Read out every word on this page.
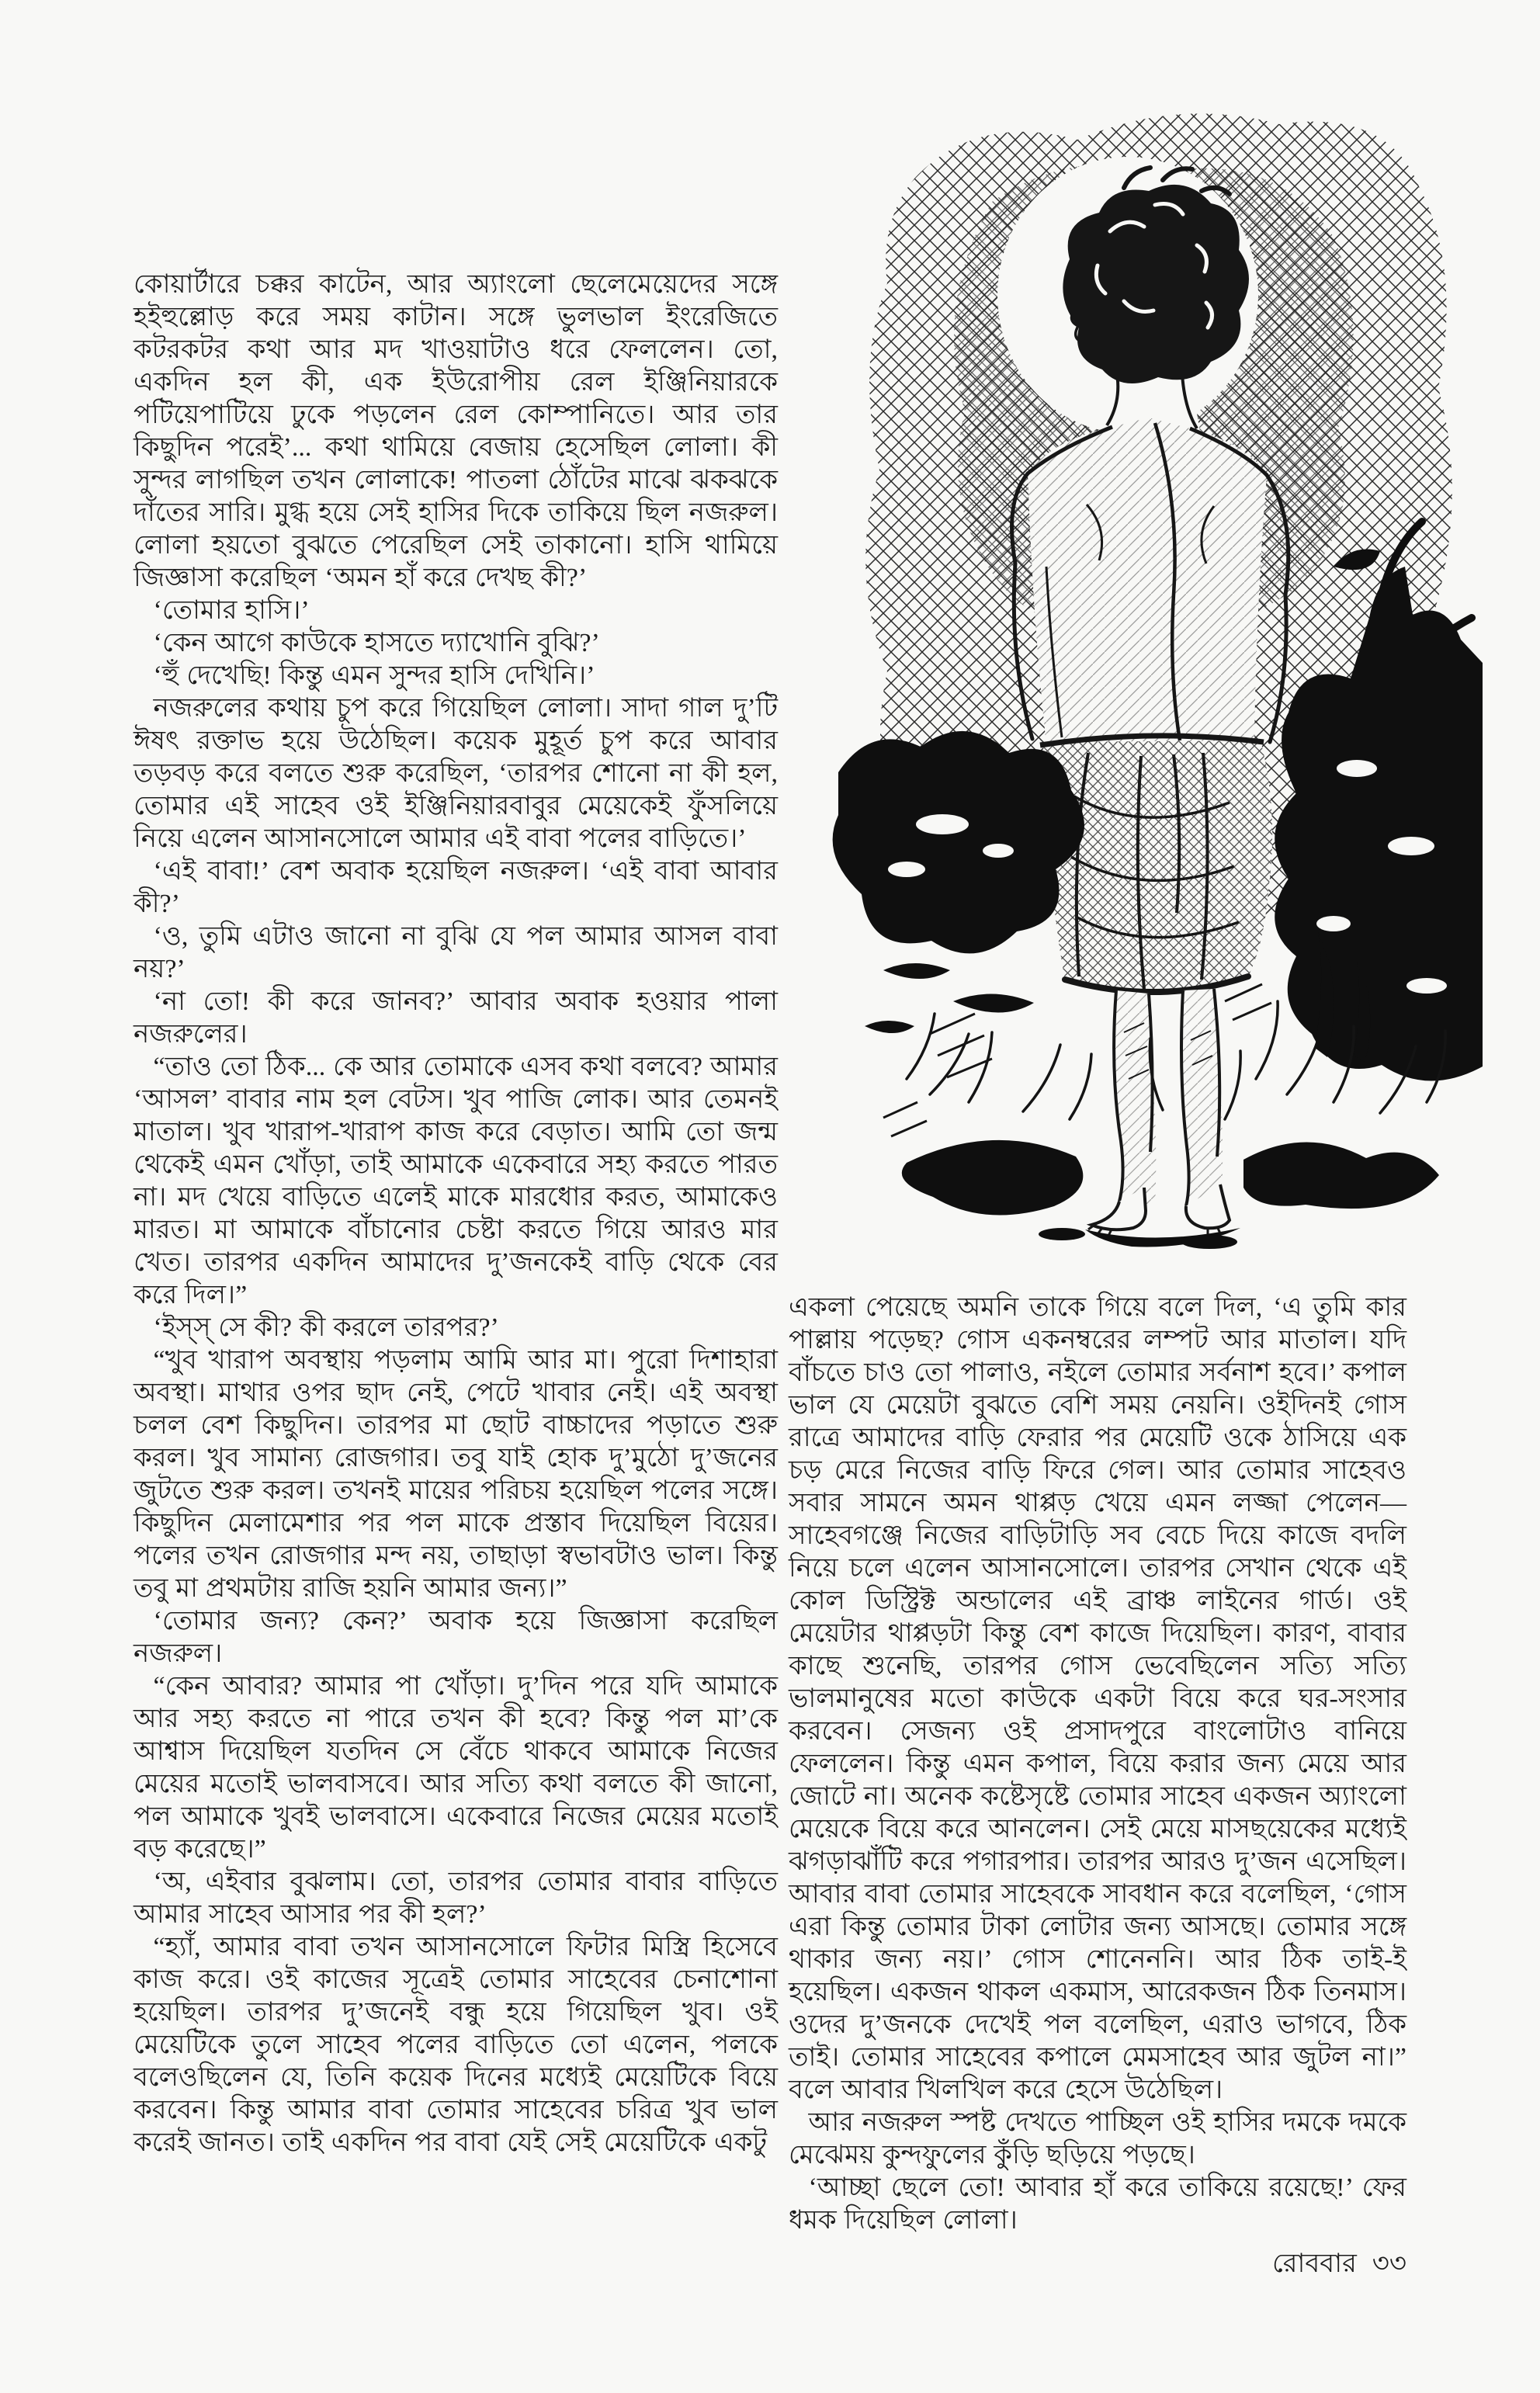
কোয়ার্টারে চক্কর কাটেন, আর অ্যাংলো ছেলেমেয়েদের সঙ্গে হইহুল্লোড় করে সময় কাটান। সঙ্গে ভুলভাল ইংরেজিতে কটরকটর কথা আর মদ খাওয়াটাও ধরে ফেললেন। তো, একদিন হল কী, এক ইউরোপীয় রেল ইঞ্জিনিয়ারকে পটিয়েপাটিয়ে ঢুকে পড়লেন রেল কোম্পানিতে। আর তার কিছুদিন পরেই’... কথা থামিয়ে বেজায় হেসেছিল লোলা। কী সুন্দর লাগছিল তখন লোলাকে! পাতলা ঠোঁটের মাঝে ঝকঝকে দাঁতের সারি। মুগ্ধ হয়ে সেই হাসির দিকে তাকিয়ে ছিল নজরুল। লোলা হয়তো বুঝতে পেরেছিল সেই তাকানো। হাসি থামিয়ে জিজ্ঞাসা করেছিল ‘অমন হাঁ করে দেখছ কী?’

‘তোমার হাসি।’

‘কেন আগে কাউকে হাসতে দ্যাখোনি বুঝি?’

‘হুঁ দেখেছি! কিন্তু এমন সুন্দর হাসি দেখিনি।’

নজরুলের কথায় চুপ করে গিয়েছিল লোলা। সাদা গাল দু’টি ঈষৎ রক্তাভ হয়ে উঠেছিল। কয়েক মুহূর্ত চুপ করে আবার তড়বড় করে বলতে শুরু করেছিল, ‘তারপর শোনো না কী হল, তোমার এই সাহেব ওই ইঞ্জিনিয়ারবাবুর মেয়েকেই ফুঁসলিয়ে নিয়ে এলেন আসানসোলে আমার এই বাবা পলের বাড়িতে।’

‘এই বাবা!’ বেশ অবাক হয়েছিল নজরুল। ‘এই বাবা আবার কী?’

‘ও, তুমি এটাও জানো না বুঝি যে পল আমার আসল বাবা নয়?’

‘না তো! কী করে জানব?’ আবার অবাক হওয়ার পালা নজরুলের।

“তাও তো ঠিক... কে আর তোমাকে এসব কথা বলবে? আমার ‘আসল’ বাবার নাম হল বেটস। খুব পাজি লোক। আর তেমনই মাতাল। খুব খারাপ-খারাপ কাজ করে বেড়াত। আমি তো জন্ম থেকেই এমন খোঁড়া, তাই আমাকে একেবারে সহ্য করতে পারত না। মদ খেয়ে বাড়িতে এলেই মাকে মারধোর করত, আমাকেও মারত। মা আমাকে বাঁচানোর চেষ্টা করতে গিয়ে আরও মার খেত। তারপর একদিন আমাদের দু’জনকেই বাড়ি থেকে বের করে দিল।”

‘ইস্স্ সে কী? কী করলে তারপর?’

“খুব খারাপ অবস্থায় পড়লাম আমি আর মা। পুরো দিশাহারা অবস্থা। মাথার ওপর ছাদ নেই, পেটে খাবার নেই। এই অবস্থা চলল বেশ কিছুদিন। তারপর মা ছোট বাচ্চাদের পড়াতে শুরু করল। খুব সামান্য রোজগার। তবু যাই হোক দু’মুঠো দু’জনের জুটতে শুরু করল। তখনই মায়ের পরিচয় হয়েছিল পলের সঙ্গে। কিছুদিন মেলামেশার পর পল মাকে প্রস্তাব দিয়েছিল বিয়ের। পলের তখন রোজগার মন্দ নয়, তাছাড়া স্বভাবটাও ভাল। কিন্তু তবু মা প্রথমটায় রাজি হয়নি আমার জন্য।”

‘তোমার জন্য? কেন?’ অবাক হয়ে জিজ্ঞাসা করেছিল নজরুল।

“কেন আবার? আমার পা খোঁড়া। দু’দিন পরে যদি আমাকে আর সহ্য করতে না পারে তখন কী হবে? কিন্তু পল মা’কে আশ্বাস দিয়েছিল যতদিন সে বেঁচে থাকবে আমাকে নিজের মেয়ের মতোই ভালবাসবে। আর সত্যি কথা বলতে কী জানো, পল আমাকে খুবই ভালবাসে। একেবারে নিজের মেয়ের মতোই বড় করেছে।”

‘অ, এইবার বুঝলাম। তো, তারপর তোমার বাবার বাড়িতে আমার সাহেব আসার পর কী হল?’

“হ্যাঁ, আমার বাবা তখন আসানসোলে ফিটার মিস্ত্রি হিসেবে কাজ করে। ওই কাজের সূত্রেই তোমার সাহেবের চেনাশোনা হয়েছিল। তারপর দু’জনেই বন্ধু হয়ে গিয়েছিল খুব। ওই মেয়েটিকে তুলে সাহেব পলের বাড়িতে তো এলেন, পলকে বলেওছিলেন যে, তিনি কয়েক দিনের মধ্যেই মেয়েটিকে বিয়ে করবেন। কিন্তু আমার বাবা তোমার সাহেবের চরিত্র খুব ভাল করেই জানত। তাই একদিন পর বাবা যেই সেই মেয়েটিকে একটু

একলা পেয়েছে অমনি তাকে গিয়ে বলে দিল, ‘এ তুমি কার পাল্লায় পড়েছ? গোস একনম্বরের লম্পট আর মাতাল। যদি বাঁচতে চাও তো পালাও, নইলে তোমার সর্বনাশ হবে।’ কপাল ভাল যে মেয়েটা বুঝতে বেশি সময় নেয়নি। ওইদিনই গোস রাত্রে আমাদের বাড়ি ফেরার পর মেয়েটি ওকে ঠাসিয়ে এক চড় মেরে নিজের বাড়ি ফিরে গেল। আর তোমার সাহেবও সবার সামনে অমন থাপ্পড় খেয়ে এমন লজ্জা পেলেন—সাহেবগঞ্জে নিজের বাড়িটাড়ি সব বেচে দিয়ে কাজে বদলি নিয়ে চলে এলেন আসানসোলে। তারপর সেখান থেকে এই কোল ডিস্ট্রিক্ট অন্ডালের এই ব্রাঞ্চ লাইনের গার্ড। ওই মেয়েটার থাপ্পড়টা কিন্তু বেশ কাজে দিয়েছিল। কারণ, বাবার কাছে শুনেছি, তারপর গোস ভেবেছিলেন সত্যি সত্যি ভালমানুষের মতো কাউকে একটা বিয়ে করে ঘর-সংসার করবেন। সেজন্য ওই প্রসাদপুরে বাংলোটাও বানিয়ে ফেললেন। কিন্তু এমন কপাল, বিয়ে করার জন্য মেয়ে আর জোটে না। অনেক কষ্টেসৃষ্টে তোমার সাহেব একজন অ্যাংলো মেয়েকে বিয়ে করে আনলেন। সেই মেয়ে মাসছয়েকের মধ্যেই ঝগড়াঝাঁটি করে পগারপার। তারপর আরও দু’জন এসেছিল। আবার বাবা তোমার সাহেবকে সাবধান করে বলেছিল, ‘গোস এরা কিন্তু তোমার টাকা লোটার জন্য আসছে। তোমার সঙ্গে থাকার জন্য নয়।’ গোস শোনেননি। আর ঠিক তাই-ই হয়েছিল। একজন থাকল একমাস, আরেকজন ঠিক তিনমাস। ওদের দু’জনকে দেখেই পল বলেছিল, এরাও ভাগবে, ঠিক তাই। তোমার সাহেবের কপালে মেমসাহেব আর জুটল না।” বলে আবার খিলখিল করে হেসে উঠেছিল।

আর নজরুল স্পষ্ট দেখতে পাচ্ছিল ওই হাসির দমকে দমকে মেঝেময় কুন্দফুলের কুঁড়ি ছড়িয়ে পড়ছে।

‘আচ্ছা ছেলে তো! আবার হাঁ করে তাকিয়ে রয়েছে!’ ফের ধমক দিয়েছিল লোলা।

রোববার ৩৩
